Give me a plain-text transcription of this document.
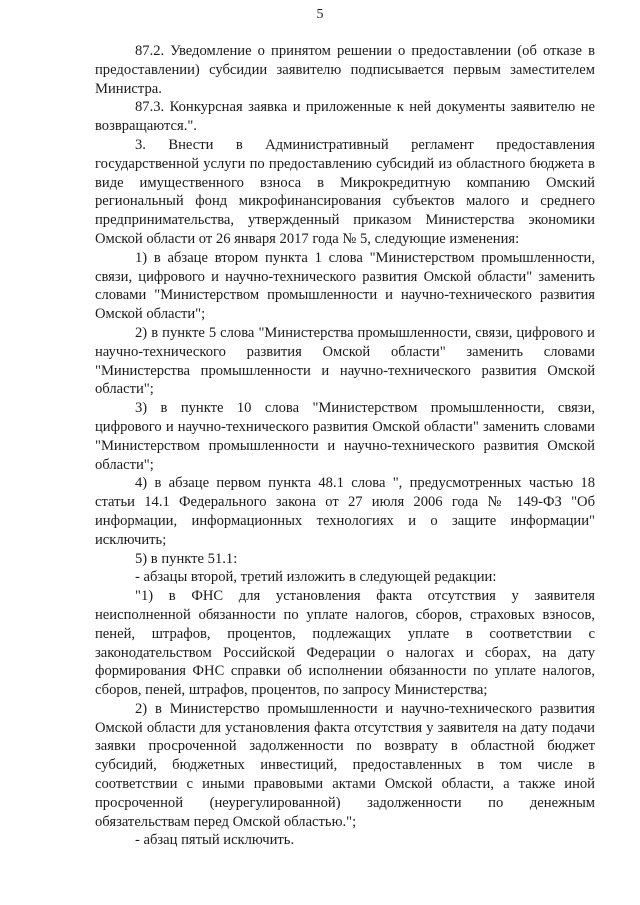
5

87.2. Уведомление о принятом решении о предоставлении (об отказе в предоставлении) субсидии заявителю подписывается первым заместителем Министра.

87.3. Конкурсная заявка и приложенные к ней документы заявителю не возвращаются.".

3. Внести в Административный регламент предоставления государственной услуги по предоставлению субсидий из областного бюджета в виде имущественного взноса в Микрокредитную компанию Омский региональный фонд микрофинансирования субъектов малого и среднего предпринимательства, утвержденный приказом Министерства экономики Омской области от 26 января 2017 года № 5, следующие изменения:

1) в абзаце втором пункта 1 слова "Министерством промышленности, связи, цифрового и научно-технического развития Омской области" заменить словами "Министерством промышленности и научно-технического развития Омской области";

2) в пункте 5 слова "Министерства промышленности, связи, цифрового и научно-технического развития Омской области" заменить словами "Министерства промышленности и научно-технического развития Омской области";

3) в пункте 10 слова "Министерством промышленности, связи, цифрового и научно-технического развития Омской области" заменить словами "Министерством промышленности и научно-технического развития Омской области";

4) в абзаце первом пункта 48.1 слова ", предусмотренных частью 18 статьи 14.1 Федерального закона от 27 июля 2006 года № 149-ФЗ "Об информации, информационных технологиях и о защите информации" исключить;

5) в пункте 51.1:

- абзацы второй, третий изложить в следующей редакции:

"1) в ФНС для установления факта отсутствия у заявителя неисполненной обязанности по уплате налогов, сборов, страховых взносов, пеней, штрафов, процентов, подлежащих уплате в соответствии с законодательством Российской Федерации о налогах и сборах, на дату формирования ФНС справки об исполнении обязанности по уплате налогов, сборов, пеней, штрафов, процентов, по запросу Министерства;

2) в Министерство промышленности и научно-технического развития Омской области для установления факта отсутствия у заявителя на дату подачи заявки просроченной задолженности по возврату в областной бюджет субсидий, бюджетных инвестиций, предоставленных в том числе в соответствии с иными правовыми актами Омской области, а также иной просроченной (неурегулированной) задолженности по денежным обязательствам перед Омской областью.";

- абзац пятый исключить.
